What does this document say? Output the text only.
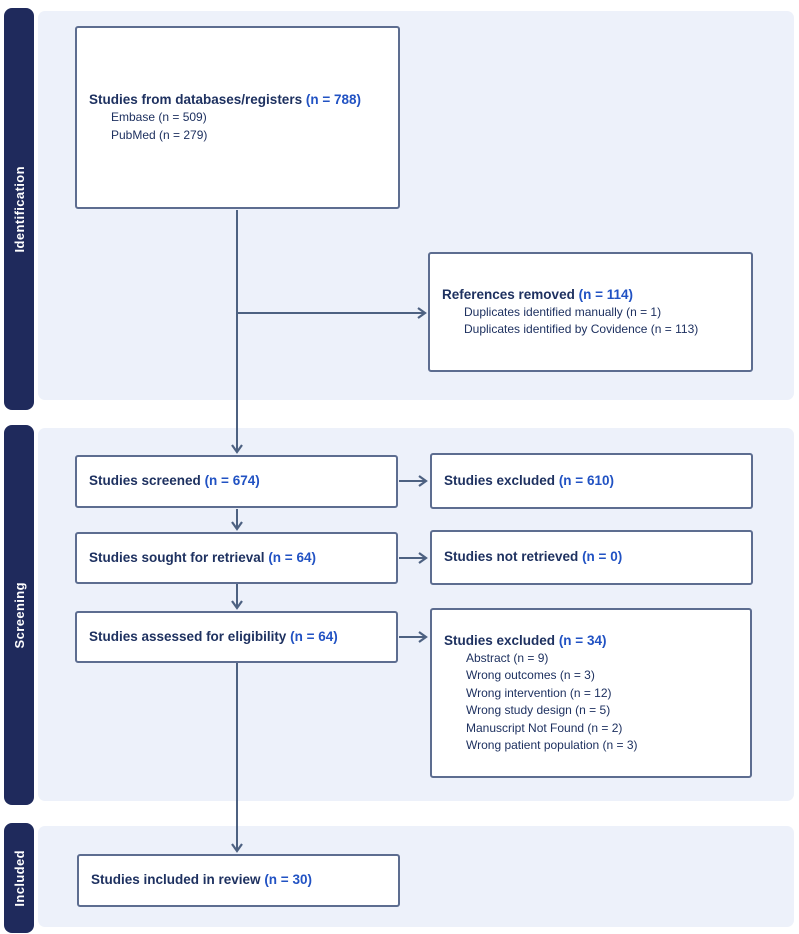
Identification
Screening
Included
Studies from databases/registers (n = 788)
Embase (n = 509)
PubMed (n = 279)
References removed (n = 114)
Duplicates identified manually (n = 1)
Duplicates identified by Covidence (n = 113)
Studies screened (n = 674)	Studies excluded (n = 610)
Studies sought for retrieval (n = 64)	Studies not retrieved (n = 0)
Studies assessed for eligibility (n = 64)	Studies excluded (n = 34)
Abstract (n = 9)
Wrong outcomes (n = 3)
Wrong intervention (n = 12)
Wrong study design (n = 5)
Manuscript Not Found (n = 2)
Wrong patient population (n = 3)
Studies included in review (n = 30)
